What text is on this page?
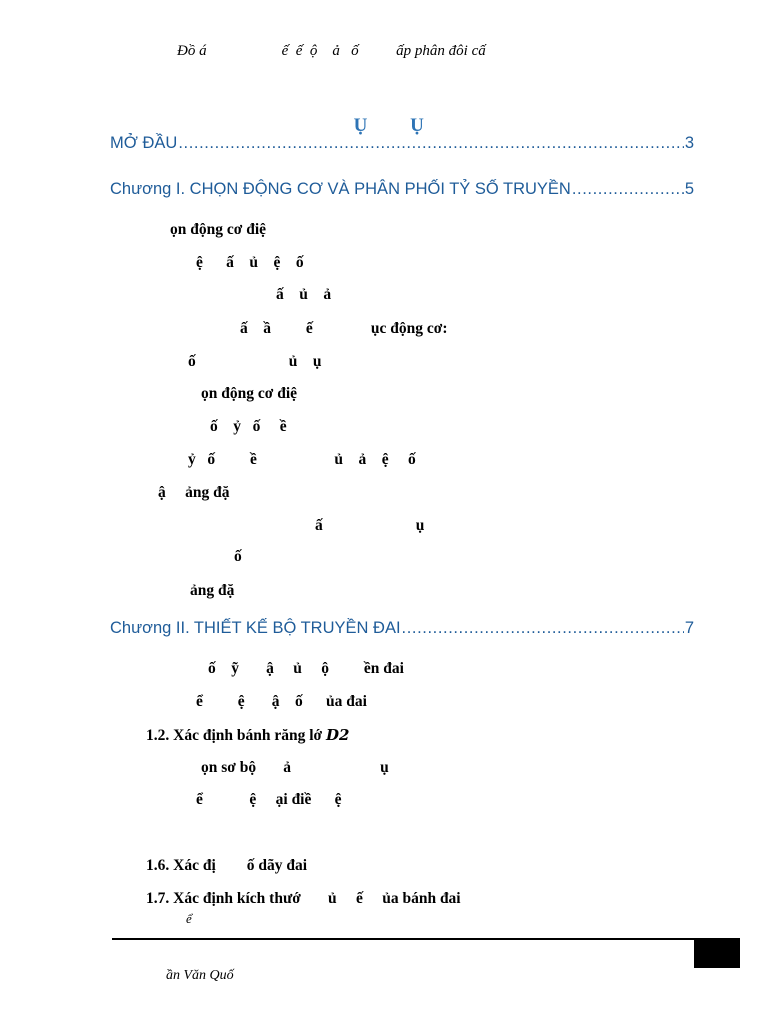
Đồ á                    ế  ế  ộ    ả   ố          ấp phân đôi cấ

Ụ Ụ

MỞ ĐẦU .....	3
Chương I. CHỌN ĐỘNG CƠ VÀ PHÂN PHỐI TỶ SỐ TRUYỀN .....	5
ọn động cơ điệ
ệ      ấ    ủ    ệ    ố
ấ    ủ    ả
ấ    ầ         ế               ục động cơ:
ố                        ủ    ụ
ọn động cơ điệ
ố    ỷ   ố     ề
ỷ   ố         ề                    ủ    ả    ệ     ố
ậ     ảng đặ
ấ                        ụ
ố
ảng đặ
Chương II. THIẾT KẾ BỘ TRUYỀN ĐAI .....	7
ố    ỹ       ậ     ủ     ộ         ền đai
ể         ệ       ậ    ố      ủa đai
1.2. Xác định bánh răng lớ D2
ọn sơ bộ       ả                       ụ
ể            ệ     ại điề      ệ
1.6. Xác đị        ố dãy đai
1.7. Xác định kích thướ       ủ     ế     ủa bánh đai
ể
ần Văn Quố
